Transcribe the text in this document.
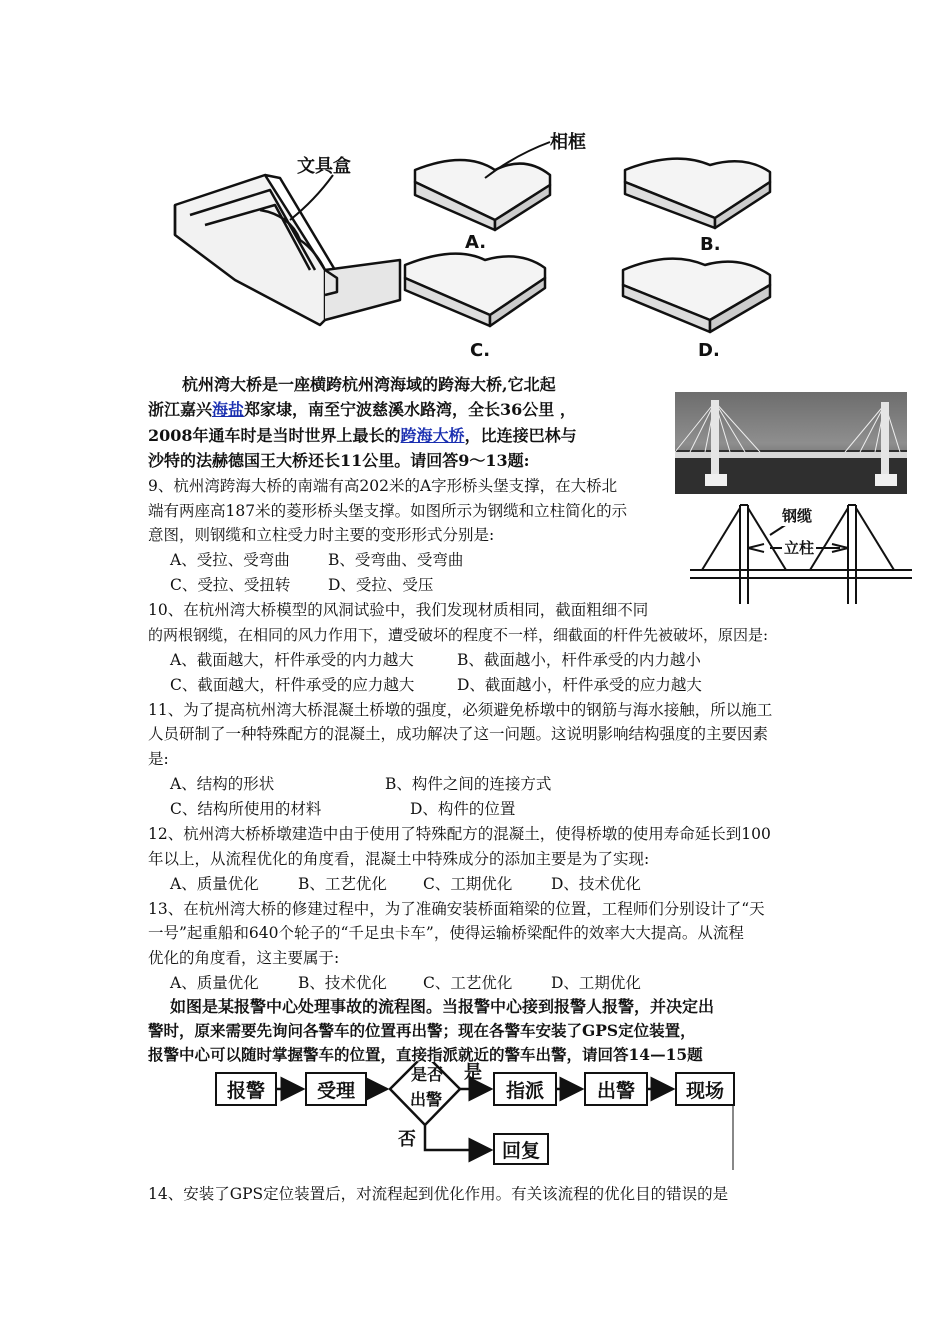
文具盒
相框
A.	B.
C.	D.
杭州湾大桥是一座横跨杭州湾海域的跨海大桥,它北起
浙江嘉兴海盐郑家埭，南至宁波慈溪水路湾，全长36公里 ，
2008年通车时是当时世界上最长的跨海大桥，比连接巴林与
沙特的法赫德国王大桥还长11公里。请回答9～13题:
钢缆
立柱
9、杭州湾跨海大桥的南端有高202米的A字形桥头堡支撑，在大桥北
端有两座高187米的菱形桥头堡支撑。如图所示为钢缆和立柱简化的示
意图，则钢缆和立柱受力时主要的变形形式分别是:
A、受拉、受弯曲 B、受弯曲、受弯曲
C、受拉、受扭转 D、受拉、受压
10、在杭州湾大桥模型的风洞试验中，我们发现材质相同，截面粗细不同
的两根钢缆，在相同的风力作用下，遭受破坏的程度不一样，细截面的杆件先被破坏，原因是:
A、截面越大，杆件承受的内力越大	B、截面越小，杆件承受的内力越小
C、截面越大，杆件承受的应力越大	D、截面越小，杆件承受的应力越大
11、为了提高杭州湾大桥混凝土桥墩的强度，必须避免桥墩中的钢筋与海水接触，所以施工
人员研制了一种特殊配方的混凝土，成功解决了这一问题。这说明影响结构强度的主要因素
是:
A、结构的形状	B、构件之间的连接方式
C、结构所使用的材料	D、构件的位置
12、杭州湾大桥桥墩建造中由于使用了特殊配方的混凝土，使得桥墩的使用寿命延长到100
年以上，从流程优化的角度看，混凝土中特殊成分的添加主要是为了实现:
A、质量优化	B、工艺优化 C、工期优化 D、技术优化
13、在杭州湾大桥的修建过程中，为了准确安装桥面箱梁的位置，工程师们分别设计了“天
一号”起重船和640个轮子的“千足虫卡车”，使得运输桥梁配件的效率大大提高。从流程
优化的角度看，这主要属于:
A、质量优化	B、技术优化 C、工艺优化 D、工期优化
如图是某报警中心处理事故的流程图。当报警中心接到报警人报警，并决定出
警时，原来需要先询问各警车的位置再出警；现在各警车安装了GPS定位装置，
报警中心可以随时掌握警车的位置，直接指派就近的警车出警，请回答14—15题
报警	受理
是否
出警
是
指派	出警	现场
否	回复
14、安装了GPS定位装置后，对流程起到优化作用。有关该流程的优化目的错误的是
